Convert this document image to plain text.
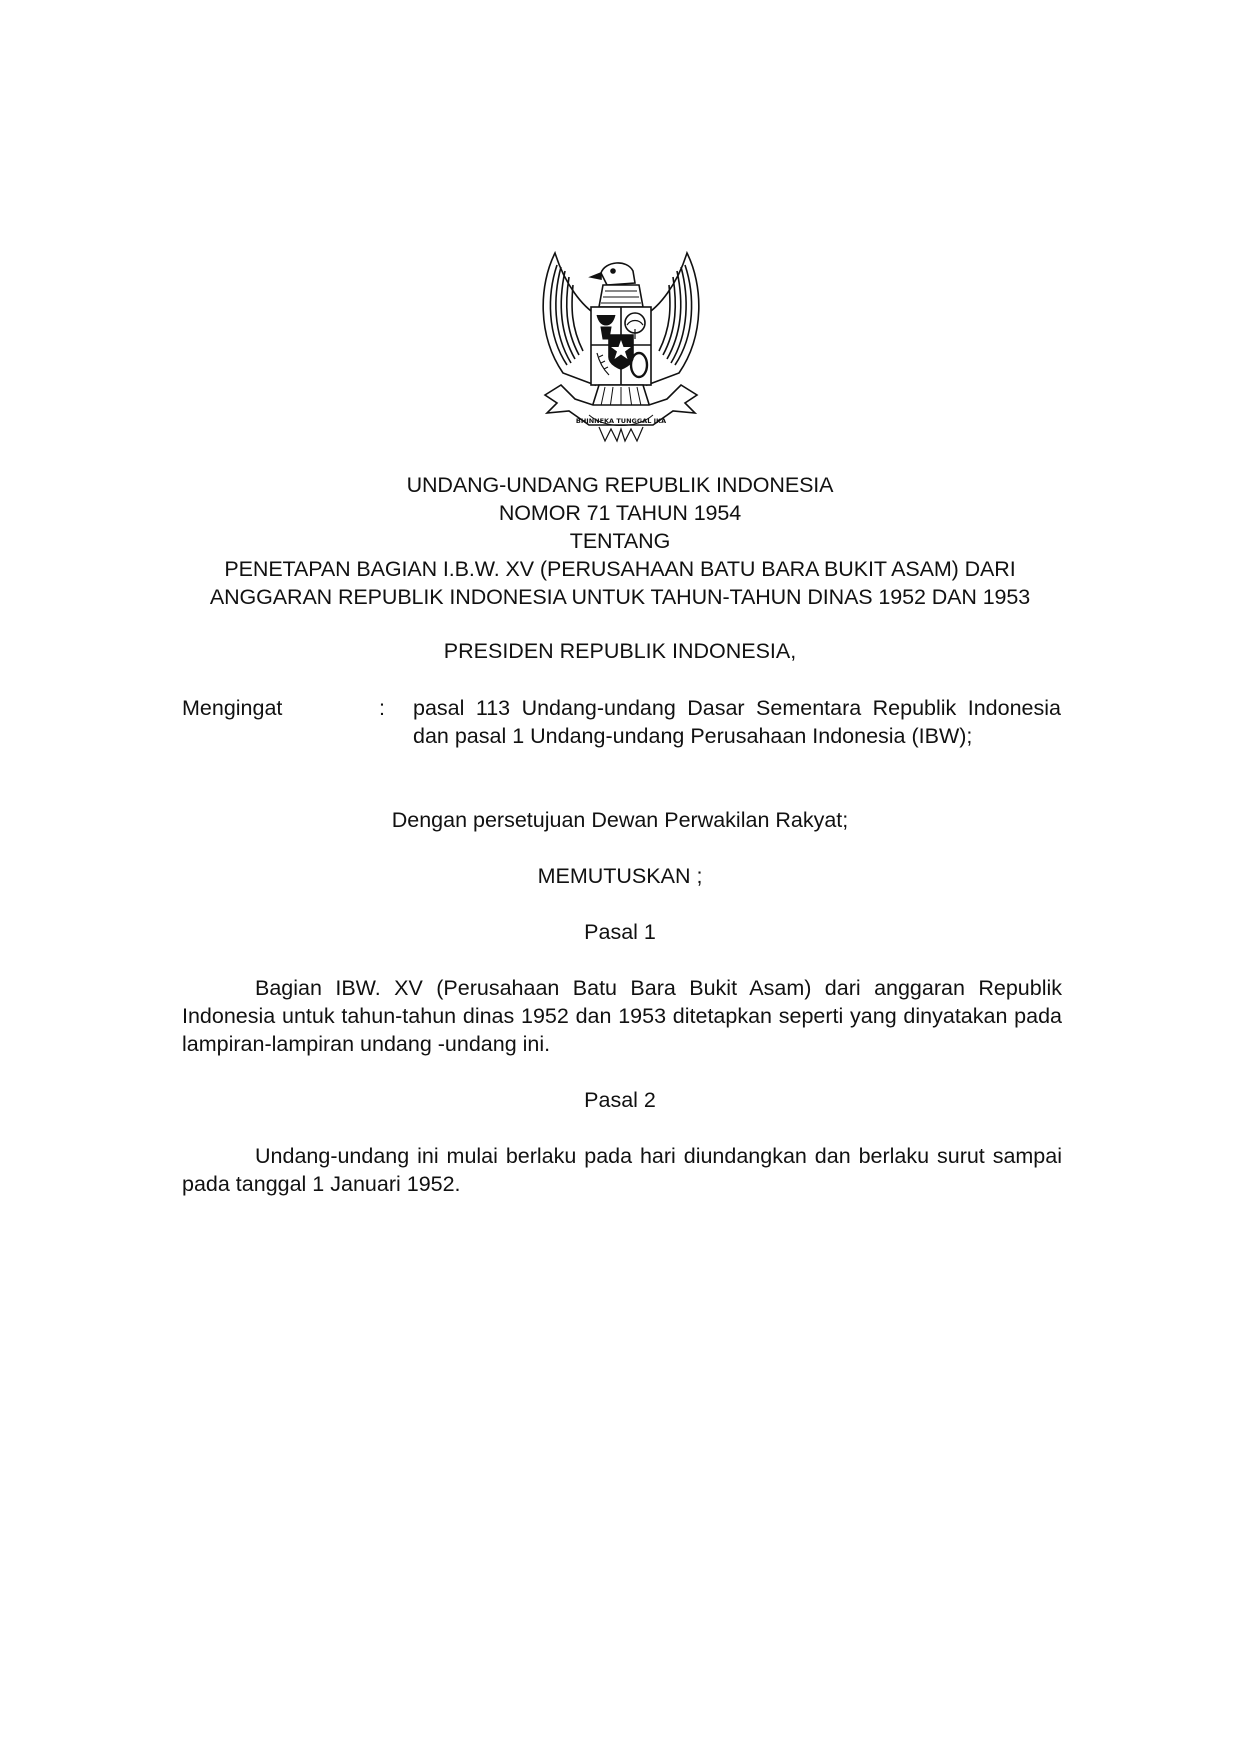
BHINNEKA TUNGGAL IKA
UNDANG-UNDANG REPUBLIK INDONESIA
NOMOR 71 TAHUN 1954
TENTANG
PENETAPAN BAGIAN I.B.W. XV (PERUSAHAAN BATU BARA BUKIT ASAM) DARI
ANGGARAN REPUBLIK INDONESIA UNTUK TAHUN-TAHUN DINAS 1952 DAN 1953
PRESIDEN REPUBLIK INDONESIA,
Mengingat	: pasal 113 Undang-undang Dasar Sementara Republik Indonesia dan pasal 1 Undang-undang Perusahaan Indonesia (IBW);
Dengan persetujuan Dewan Perwakilan Rakyat;
MEMUTUSKAN ;
Pasal 1
Bagian IBW. XV (Perusahaan Batu Bara Bukit Asam) dari anggaran Republik Indonesia untuk tahun-tahun dinas 1952 dan 1953 ditetapkan seperti yang dinyatakan pada lampiran-lampiran undang -undang ini.
Pasal 2
Undang-undang ini mulai berlaku pada hari diundangkan dan berlaku surut sampai pada tanggal 1 Januari 1952.
